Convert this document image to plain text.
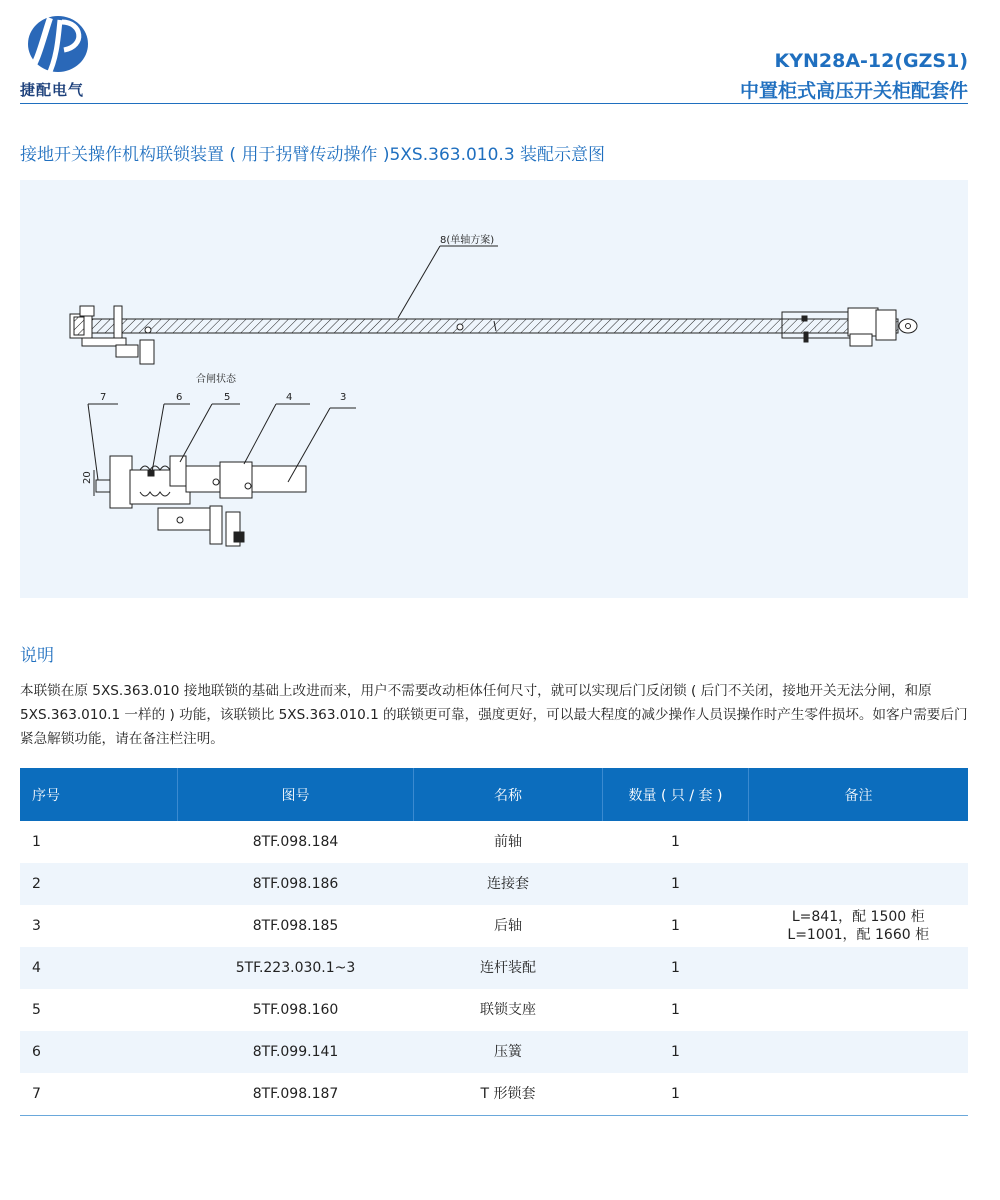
捷配电气
KYN28A-12(GZS1)
中置柜式高压开关柜配套件
接地开关操作机构联锁装置 ( 用于拐臂传动操作 )5XS.363.010.3 装配示意图
8(单轴方案)
合闸状态
20
7	6	5	4	3
说明
本联锁在原 5XS.363.010 接地联锁的基础上改进而来，用户不需要改动柜体任何尺寸，就可以实现后门反闭锁 ( 后门不关闭，接地开关无法分闸，和原 5XS.363.010.1 一样的 ) 功能，该联锁比 5XS.363.010.1 的联锁更可靠，强度更好，可以最大程度的减少操作人员误操作时产生零件损坏。如客户需要后门紧急解锁功能，请在备注栏注明。
序号	图号	名称	数量 ( 只 / 套 )	备注
1	8TF.098.184	前轴	1	
2	8TF.098.186	连接套	1	
3	8TF.098.185	后轴	1	L=841，配 1500 柜
L=1001，配 1660 柜

4	5TF.223.030.1~3	连杆装配	1	
5	5TF.098.160	联锁支座	1	
6	8TF.099.141	压簧	1	
7	8TF.098.187	T 形锁套	1	
